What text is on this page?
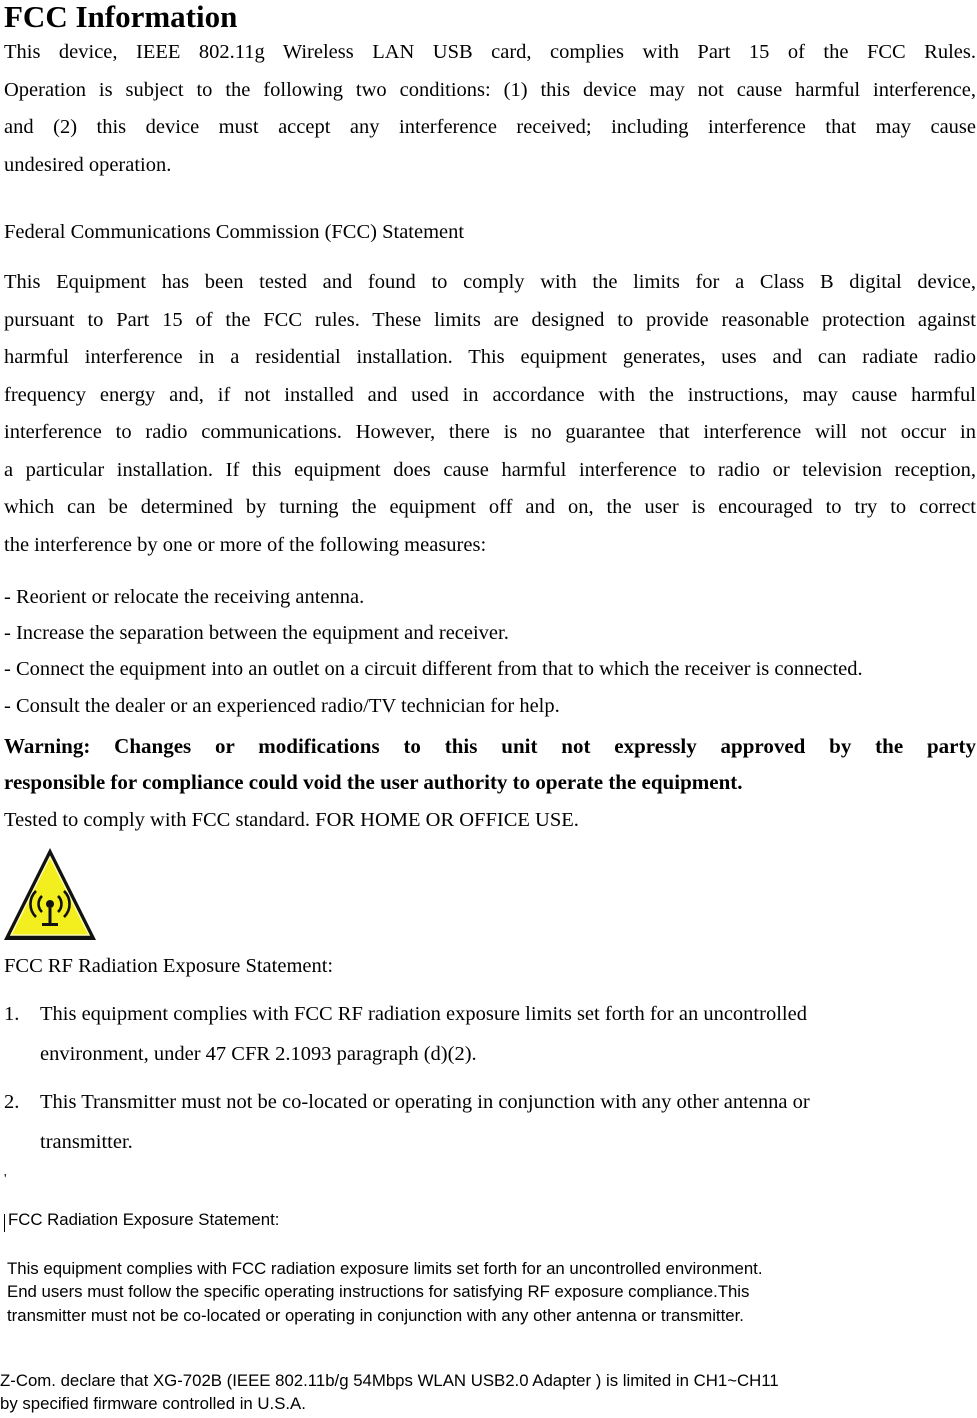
FCC Information
This device, IEEE 802.11g Wireless LAN USB card, complies with Part 15 of the FCC Rules.
Operation is subject to the following two conditions: (1) this device may not cause harmful interference,
and (2) this device must accept any interference received; including interference that may cause
undesired operation.
Federal Communications Commission (FCC) Statement
This Equipment has been tested and found to comply with the limits for a Class B digital device,
pursuant to Part 15 of the FCC rules. These limits are designed to provide reasonable protection against
harmful interference in a residential installation. This equipment generates, uses and can radiate radio
frequency energy and, if not installed and used in accordance with the instructions, may cause harmful
interference to radio communications. However, there is no guarantee that interference will not occur in
a particular installation. If this equipment does cause harmful interference to radio or television reception,
which can be determined by turning the equipment off and on, the user is encouraged to try to correct
the interference by one or more of the following measures:
- Reorient or relocate the receiving antenna.
- Increase the separation between the equipment and receiver.
- Connect the equipment into an outlet on a circuit different from that to which the receiver is connected.
- Consult the dealer or an experienced radio/TV technician for help.
Warning: Changes or modifications to this unit not expressly approved by the party
responsible for compliance could void the user authority to operate the equipment.
Tested to comply with FCC standard. FOR HOME OR OFFICE USE.
FCC RF Radiation Exposure Statement:
1. This equipment complies with FCC RF radiation exposure limits set forth for an uncontrolled
environment, under 47 CFR 2.1093 paragraph (d)(2).
2. This Transmitter must not be co-located or operating in conjunction with any other antenna or
transmitter.
'
FCC Radiation Exposure Statement:
This equipment complies with FCC radiation exposure limits set forth for an uncontrolled environment.
End users must follow the specific operating instructions for satisfying RF exposure compliance.This
transmitter must not be co-located or operating in conjunction with any other antenna or transmitter.
Z-Com. declare that XG-702B (IEEE 802.11b/g 54Mbps WLAN USB2.0 Adapter ) is limited in CH1~CH11
by specified firmware controlled in U.S.A.
